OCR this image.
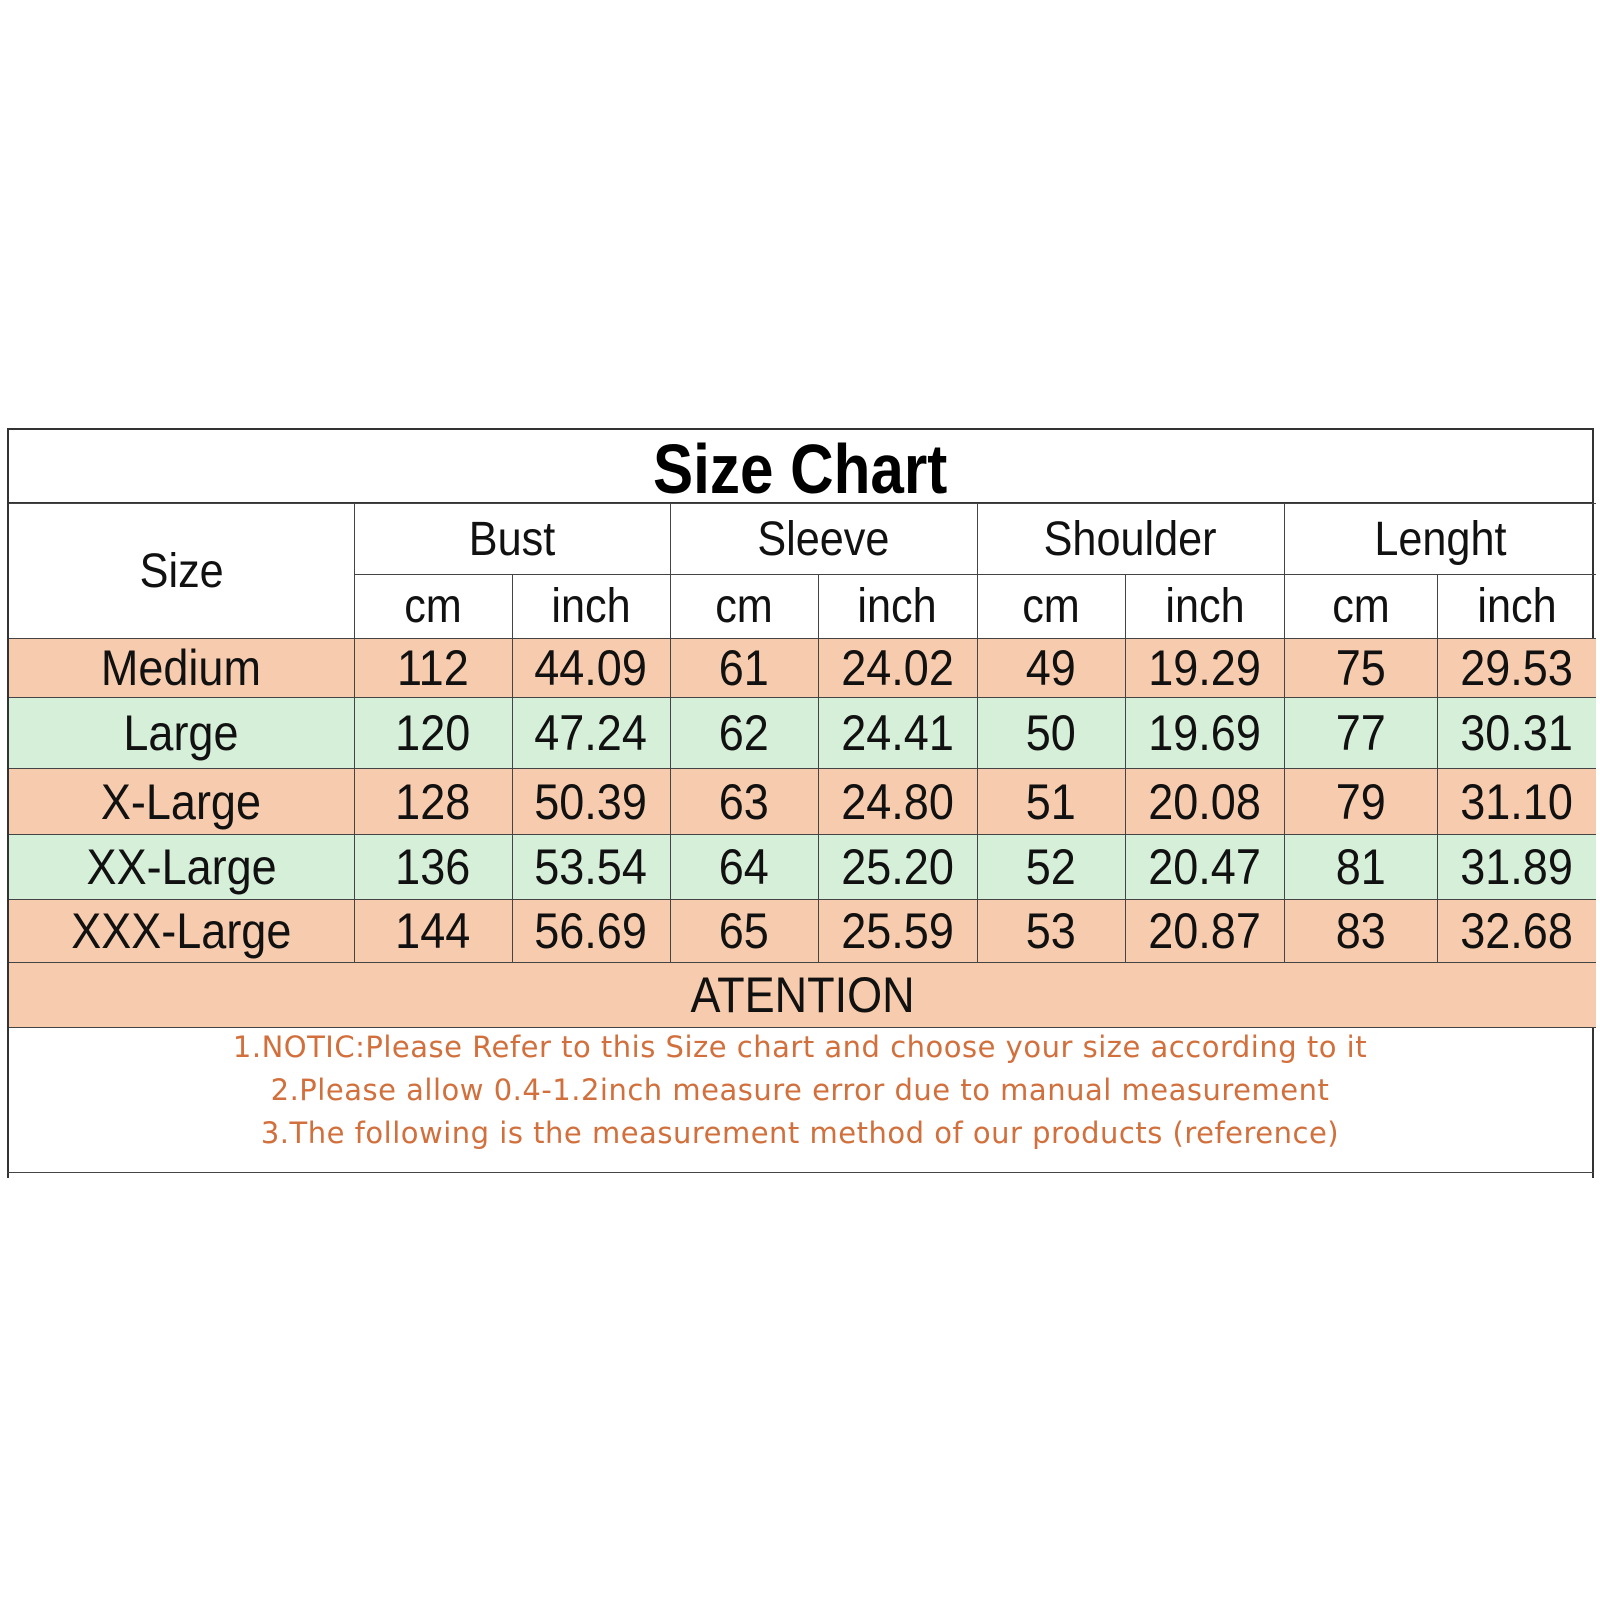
Size Chart
Size	Bust		Sleeve		Shoulder		Lenght	
	cm	inch	cm	inch	cm	inch	cm	inch
Medium	112	44.09	61	24.02	49	19.29	75	29.53
Large	120	47.24	62	24.41	50	19.69	77	30.31
X-Large	128	50.39	63	24.80	51	20.08	79	31.10
XX-Large	136	53.54	64	25.20	52	20.47	81	31.89
XXX-Large	144	56.69	65	25.59	53	20.87	83	32.68
ATENTION								
1.NOTIC:Please Refer to this Size chart and choose your size according to it
2.Please allow 0.4-1.2inch measure error due to manual measurement
3.The following is the measurement method of our products (reference)
